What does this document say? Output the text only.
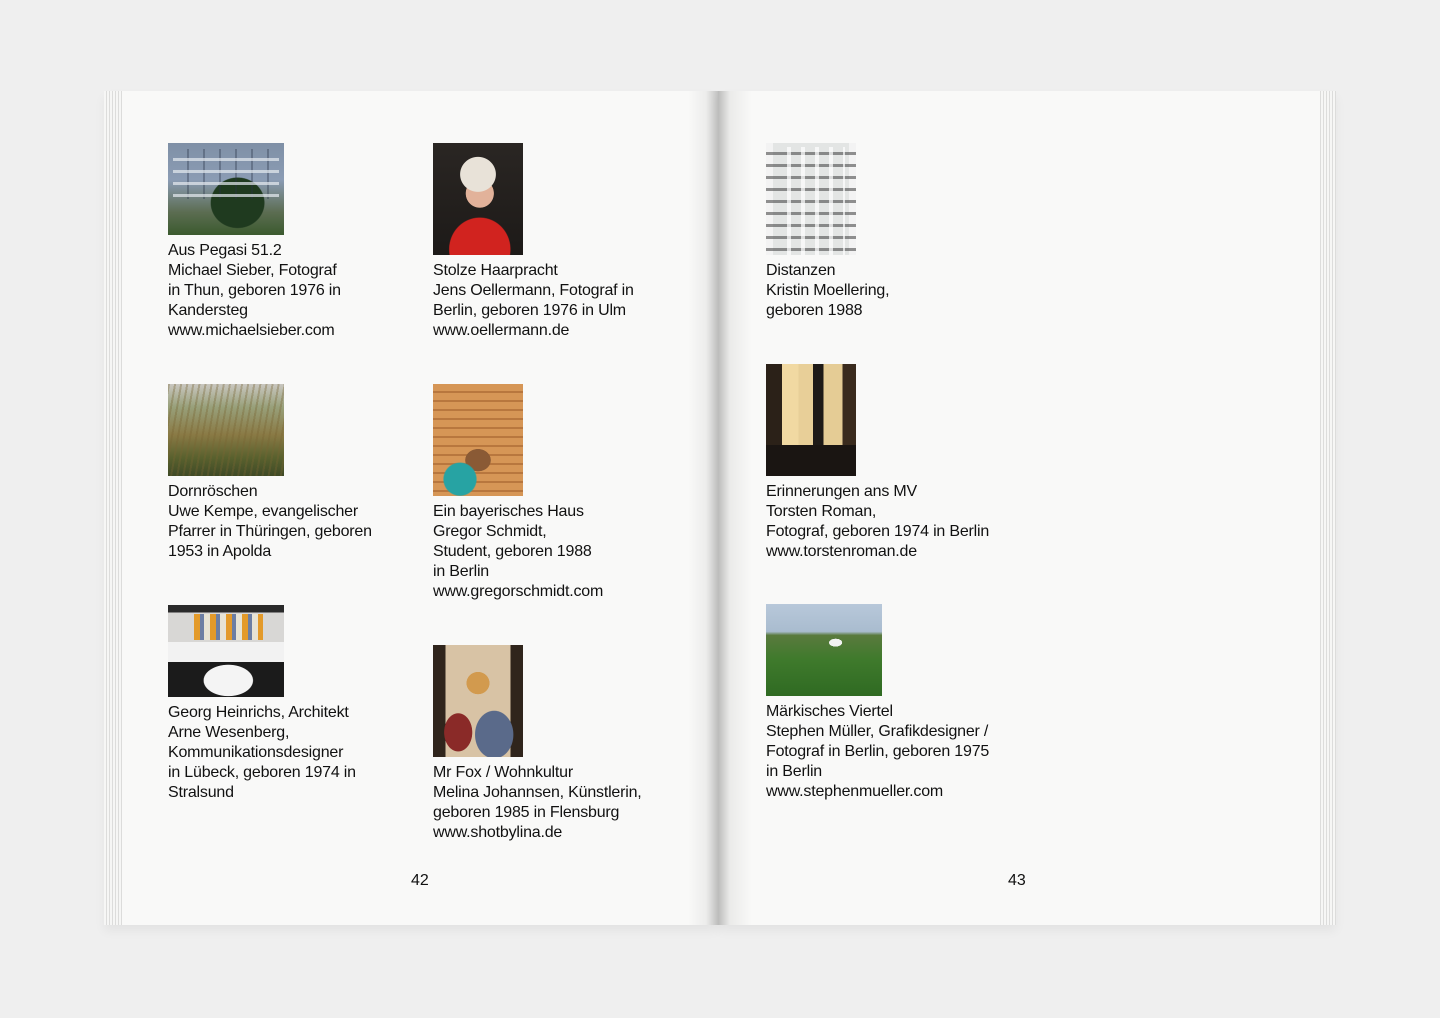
Aus Pegasi 51.2
Michael Sieber, Fotograf
in Thun, geboren 1976 in
Kandersteg
www.michaelsieber.com
Stolze Haarpracht
Jens Oellermann, Fotograf in
Berlin, geboren 1976 in Ulm
www.oellermann.de
Dornröschen
Uwe Kempe, evangelischer
Pfarrer in Thüringen, geboren
1953 in Apolda
Ein bayerisches Haus
Gregor Schmidt,
Student, geboren 1988
in Berlin
www.gregorschmidt.com
Georg Heinrichs, Architekt
Arne Wesenberg,
Kommunikationsdesigner
in Lübeck, geboren 1974 in
Stralsund
Mr Fox / Wohnkultur
Melina Johannsen, Künstlerin,
geboren 1985 in Flensburg
www.shotbylina.de
42
Distanzen
Kristin Moellering,
geboren 1988
Erinnerungen ans MV
Torsten Roman,
Fotograf, geboren 1974 in Berlin
www.torstenroman.de
Märkisches Viertel
Stephen Müller, Grafikdesigner /
Fotograf in Berlin, geboren 1975
in Berlin
www.stephenmueller.com
43
